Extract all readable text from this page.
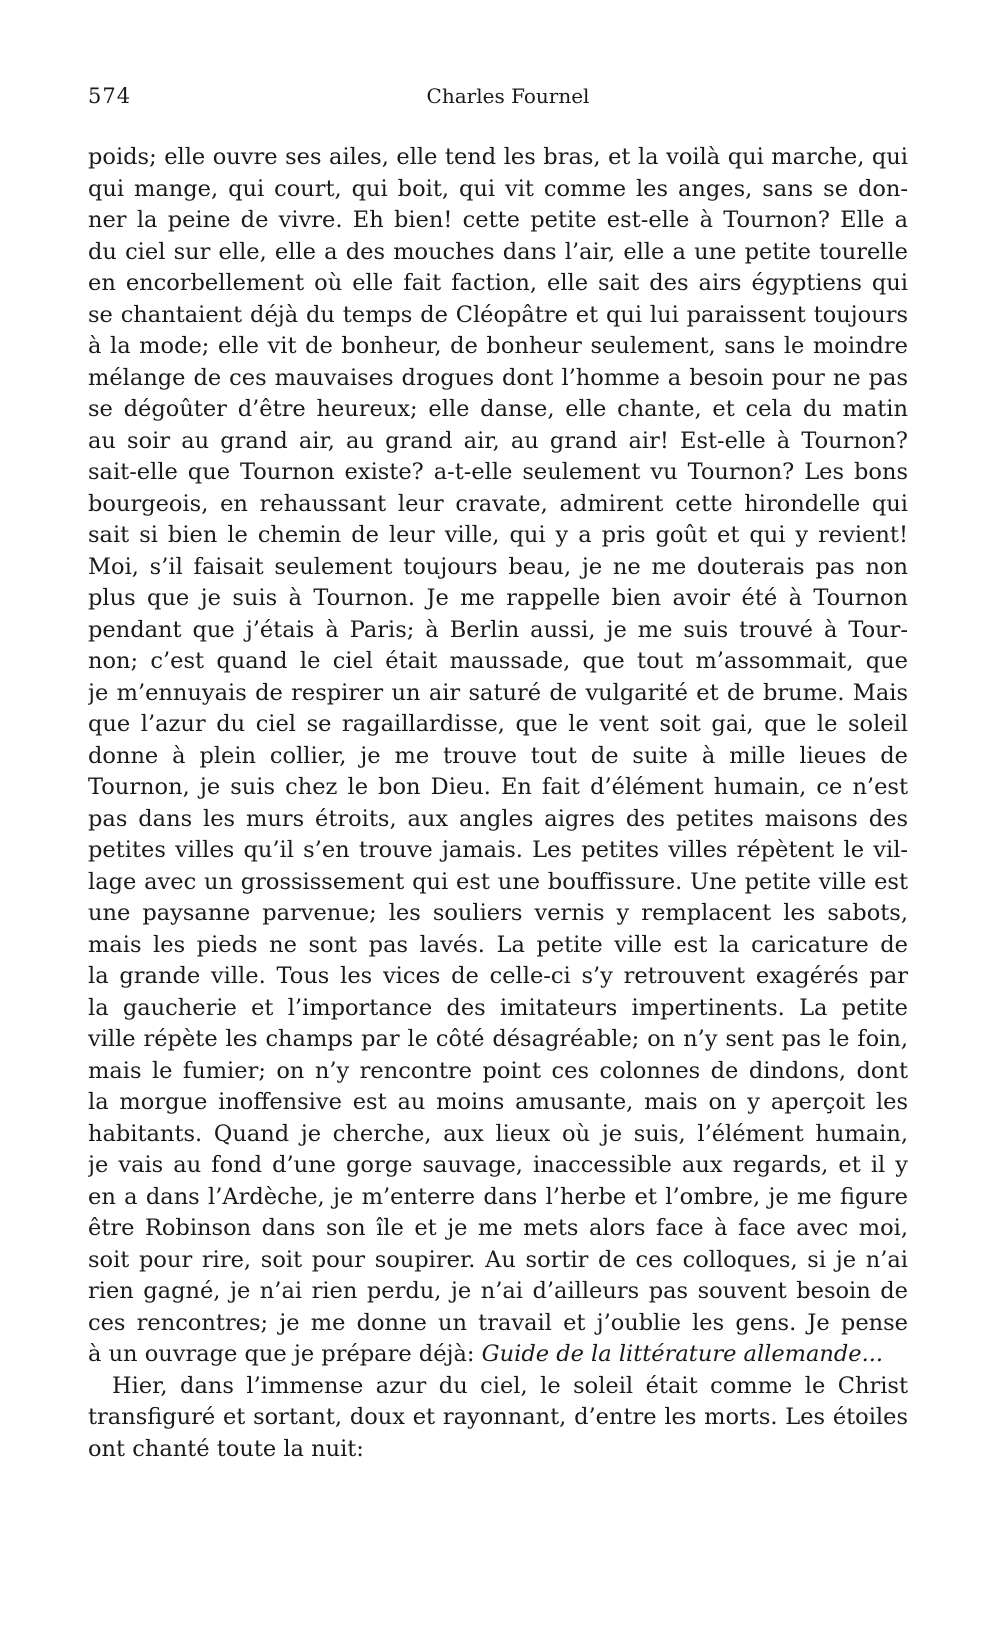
574	Charles Fournel
poids; elle ouvre ses ailes, elle tend les bras, et la voilà qui marche, qui
qui mange, qui court, qui boit, qui vit comme les anges, sans se don-
ner la peine de vivre. Eh bien! cette petite est-elle à Tournon? Elle a
du ciel sur elle, elle a des mouches dans l’air, elle a une petite tourelle
en encorbellement où elle fait faction, elle sait des airs égyptiens qui
se chantaient déjà du temps de Cléopâtre et qui lui paraissent toujours
à la mode; elle vit de bonheur, de bonheur seulement, sans le moindre
mélange de ces mauvaises drogues dont l’homme a besoin pour ne pas
se dégoûter d’être heureux; elle danse, elle chante, et cela du matin
au soir au grand air, au grand air, au grand air! Est-elle à Tournon?
sait-elle que Tournon existe? a-t-elle seulement vu Tournon? Les bons
bourgeois, en rehaussant leur cravate, admirent cette hirondelle qui
sait si bien le chemin de leur ville, qui y a pris goût et qui y revient!
Moi, s’il faisait seulement toujours beau, je ne me douterais pas non
plus que je suis à Tournon. Je me rappelle bien avoir été à Tournon
pendant que j’étais à Paris; à Berlin aussi, je me suis trouvé à Tour-
non; c’est quand le ciel était maussade, que tout m’assommait, que
je m’ennuyais de respirer un air saturé de vulgarité et de brume. Mais
que l’azur du ciel se ragaillardisse, que le vent soit gai, que le soleil
donne à plein collier, je me trouve tout de suite à mille lieues de
Tournon, je suis chez le bon Dieu. En fait d’élément humain, ce n’est
pas dans les murs étroits, aux angles aigres des petites maisons des
petites villes qu’il s’en trouve jamais. Les petites villes répètent le vil-
lage avec un grossissement qui est une bouffissure. Une petite ville est
une paysanne parvenue; les souliers vernis y remplacent les sabots,
mais les pieds ne sont pas lavés. La petite ville est la caricature de
la grande ville. Tous les vices de celle-ci s’y retrouvent exagérés par
la gaucherie et l’importance des imitateurs impertinents. La petite
ville répète les champs par le côté désagréable; on n’y sent pas le foin,
mais le fumier; on n’y rencontre point ces colonnes de dindons, dont
la morgue inoffensive est au moins amusante, mais on y aperçoit les
habitants. Quand je cherche, aux lieux où je suis, l’élément humain,
je vais au fond d’une gorge sauvage, inaccessible aux regards, et il y
en a dans l’Ardèche, je m’enterre dans l’herbe et l’ombre, je me figure
être Robinson dans son île et je me mets alors face à face avec moi,
soit pour rire, soit pour soupirer. Au sortir de ces colloques, si je n’ai
rien gagné, je n’ai rien perdu, je n’ai d’ailleurs pas souvent besoin de
ces rencontres; je me donne un travail et j’oublie les gens. Je pense
à un ouvrage que je prépare déjà: Guide de la littérature allemande...
Hier, dans l’immense azur du ciel, le soleil était comme le Christ
transfiguré et sortant, doux et rayonnant, d’entre les morts. Les étoiles
ont chanté toute la nuit:
